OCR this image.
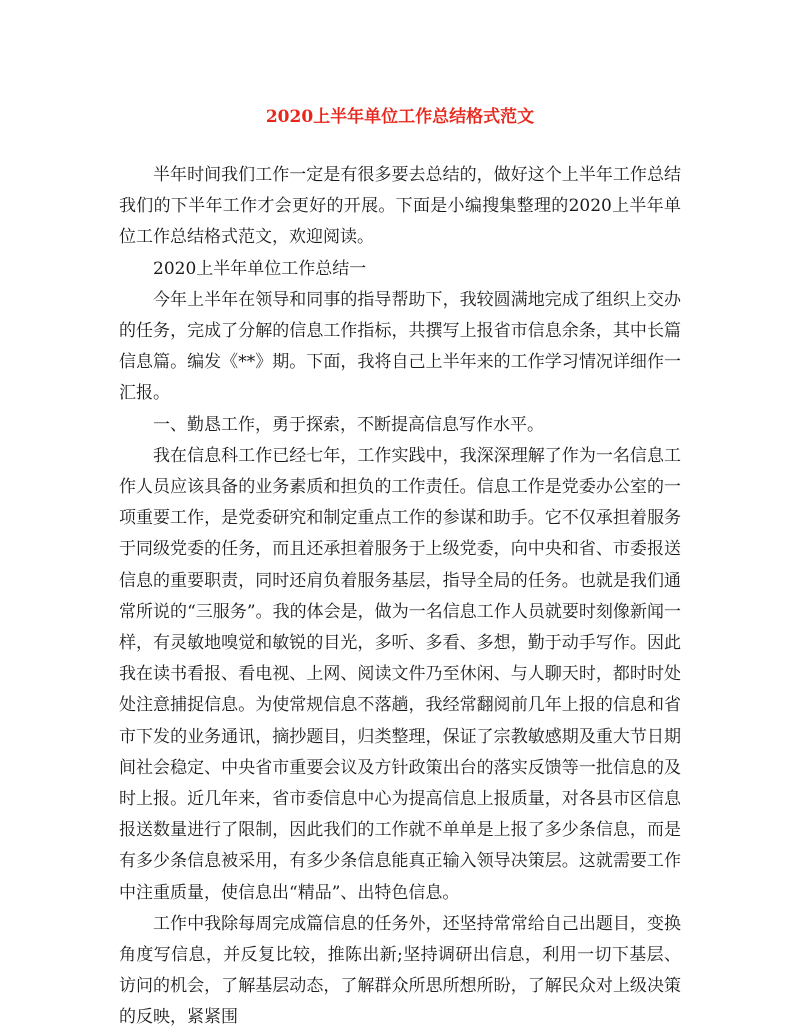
2020上半年单位工作总结格式范文

半年时间我们工作一定是有很多要去总结的，做好这个上半年工作总结我们的下半年工作才会更好的开展。下面是小编搜集整理的2020上半年单位工作总结格式范文，欢迎阅读。

2020上半年单位工作总结一

今年上半年在领导和同事的指导帮助下，我较圆满地完成了组织上交办的任务，完成了分解的信息工作指标，共撰写上报省市信息余条，其中长篇信息篇。编发《**》期。下面，我将自己上半年来的工作学习情况详细作一汇报。

一、勤恳工作，勇于探索，不断提高信息写作水平。

我在信息科工作已经七年，工作实践中，我深深理解了作为一名信息工作人员应该具备的业务素质和担负的工作责任。信息工作是党委办公室的一项重要工作，是党委研究和制定重点工作的参谋和助手。它不仅承担着服务于同级党委的任务，而且还承担着服务于上级党委，向中央和省、市委报送信息的重要职责，同时还肩负着服务基层，指导全局的任务。也就是我们通常所说的“三服务”。我的体会是，做为一名信息工作人员就要时刻像新闻一样，有灵敏地嗅觉和敏锐的目光，多听、多看、多想，勤于动手写作。因此我在读书看报、看电视、上网、阅读文件乃至休闲、与人聊天时，都时时处处注意捕捉信息。为使常规信息不落趟，我经常翻阅前几年上报的信息和省市下发的业务通讯，摘抄题目，归类整理，保证了宗教敏感期及重大节日期间社会稳定、中央省市重要会议及方针政策出台的落实反馈等一批信息的及时上报。近几年来，省市委信息中心为提高信息上报质量，对各县市区信息报送数量进行了限制，因此我们的工作就不单单是上报了多少条信息，而是有多少条信息被采用，有多少条信息能真正输入领导决策层。这就需要工作中注重质量，使信息出“精品”、出特色信息。

工作中我除每周完成篇信息的任务外，还坚持常常给自己出题目，变换角度写信息，并反复比较，推陈出新;坚持调研出信息，利用一切下基层、访问的机会，了解基层动态，了解群众所思所想所盼，了解民众对上级决策的反映，紧紧围
